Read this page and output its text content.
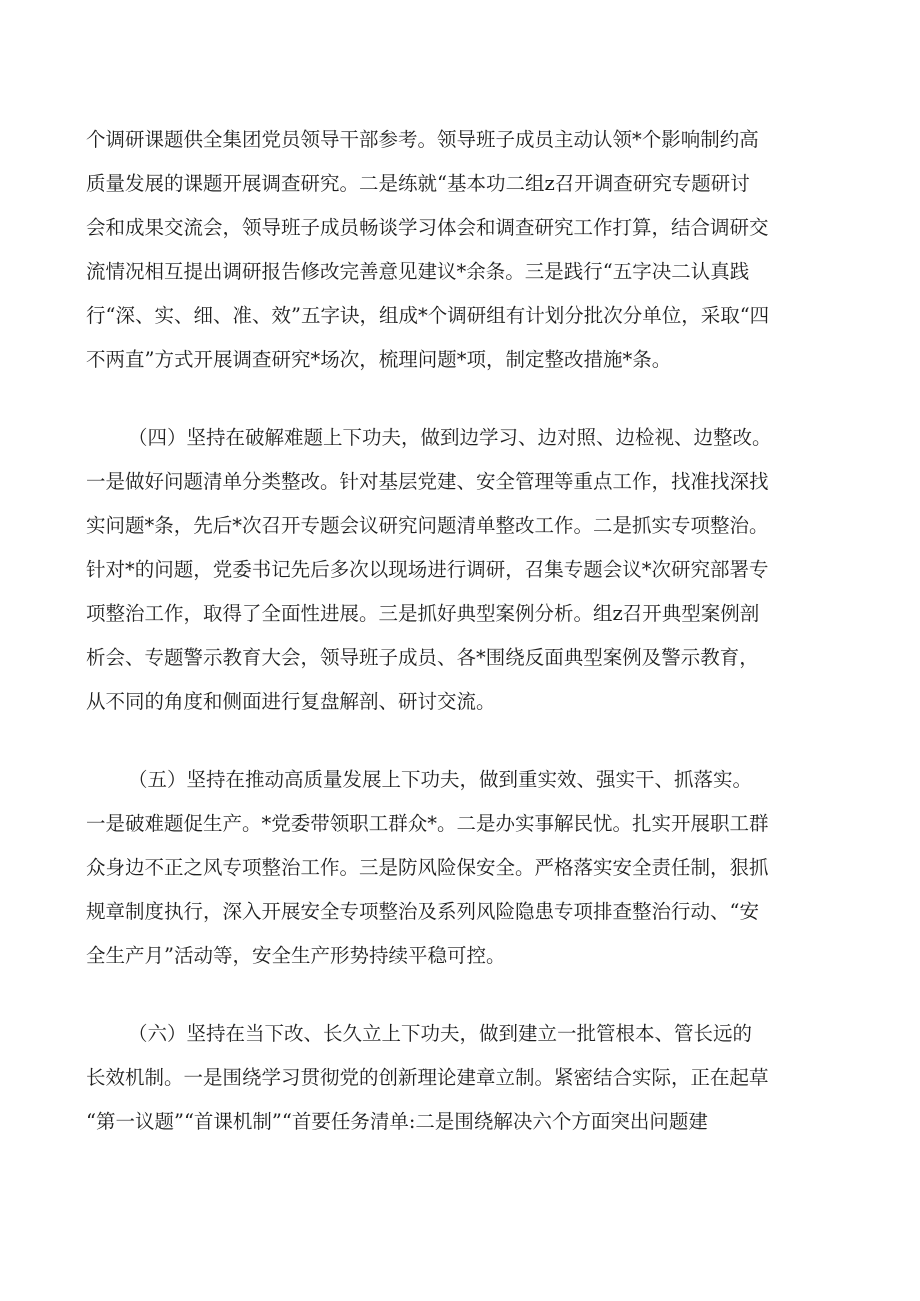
个调研课题供全集团党员领导干部参考。领导班子成员主动认领*个影响制约高
质量发展的课题开展调查研究。二是练就“基本功二组z召开调查研究专题研讨
会和成果交流会，领导班子成员畅谈学习体会和调查研究工作打算，结合调研交
流情况相互提出调研报告修改完善意见建议*余条。三是践行“五字决二认真践
行“深、实、细、准、效”五字诀，组成*个调研组有计划分批次分单位，采取“四
不两直”方式开展调查研究*场次，梳理问题*项，制定整改措施*条。
（四）坚持在破解难题上下功夫，做到边学习、边对照、边检视、边整改。
一是做好问题清单分类整改。针对基层党建、安全管理等重点工作，找准找深找
实问题*条，先后*次召开专题会议研究问题清单整改工作。二是抓实专项整治。
针对*的问题，党委书记先后多次以现场进行调研，召集专题会议*次研究部署专
项整治工作，取得了全面性进展。三是抓好典型案例分析。组z召开典型案例剖
析会、专题警示教育大会，领导班子成员、各*围绕反面典型案例及警示教育，
从不同的角度和侧面进行复盘解剖、研讨交流。
（五）坚持在推动高质量发展上下功夫，做到重实效、强实干、抓落实。
一是破难题促生产。*党委带领职工群众*。二是办实事解民忧。扎实开展职工群
众身边不正之风专项整治工作。三是防风险保安全。严格落实安全责任制，狠抓
规章制度执行，深入开展安全专项整治及系列风险隐患专项排查整治行动、“安
全生产月”活动等，安全生产形势持续平稳可控。
（六）坚持在当下改、长久立上下功夫，做到建立一批管根本、管长远的
长效机制。一是围绕学习贯彻党的创新理论建章立制。紧密结合实际，正在起草
“第一议题”“首课机制”“首要任务清单:二是围绕解决六个方面突出问题建
